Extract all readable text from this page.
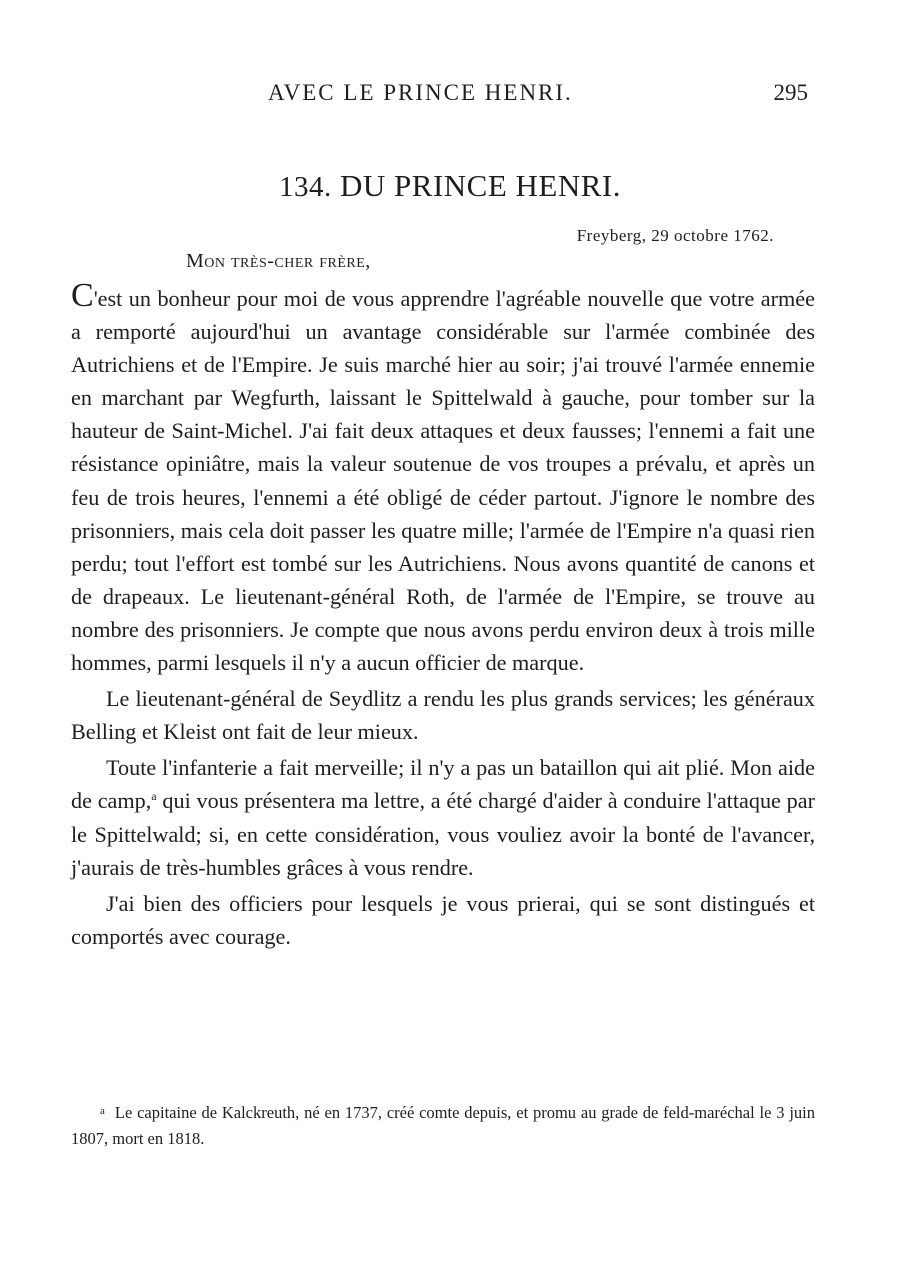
AVEC LE PRINCE HENRI.	295
134. DU PRINCE HENRI.
Freyberg, 29 octobre 1762.
Mon très-cher frère,

C'est un bonheur pour moi de vous apprendre l'agréable nouvelle que votre armée a remporté aujourd'hui un avantage considérable sur l'armée combinée des Autrichiens et de l'Empire. Je suis marché hier au soir; j'ai trouvé l'armée ennemie en marchant par Wegfurth, laissant le Spittelwald à gauche, pour tomber sur la hauteur de Saint-Michel. J'ai fait deux attaques et deux fausses; l'ennemi a fait une résistance opiniâtre, mais la valeur soutenue de vos troupes a prévalu, et après un feu de trois heures, l'ennemi a été obligé de céder partout. J'ignore le nombre des prisonniers, mais cela doit passer les quatre mille; l'armée de l'Empire n'a quasi rien perdu; tout l'effort est tombé sur les Autrichiens. Nous avons quantité de canons et de drapeaux. Le lieutenant-général Roth, de l'armée de l'Empire, se trouve au nombre des prisonniers. Je compte que nous avons perdu environ deux à trois mille hommes, parmi lesquels il n'y a aucun officier de marque.

Le lieutenant-général de Seydlitz a rendu les plus grands services; les généraux Belling et Kleist ont fait de leur mieux.

Toute l'infanterie a fait merveille; il n'y a pas un bataillon qui ait plié. Mon aide de camp,$^a$ qui vous présentera ma lettre, a été chargé d'aider à conduire l'attaque par le Spittelwald; si, en cette considération, vous vouliez avoir la bonté de l'avancer, j'aurais de très-humbles grâces à vous rendre.

J'ai bien des officiers pour lesquels je vous prierai, qui se sont distingués et comportés avec courage.

$^a$ Le capitaine de Kalckreuth, né en 1737, créé comte depuis, et promu au grade de feld-maréchal le 3 juin 1807, mort en 1818.
